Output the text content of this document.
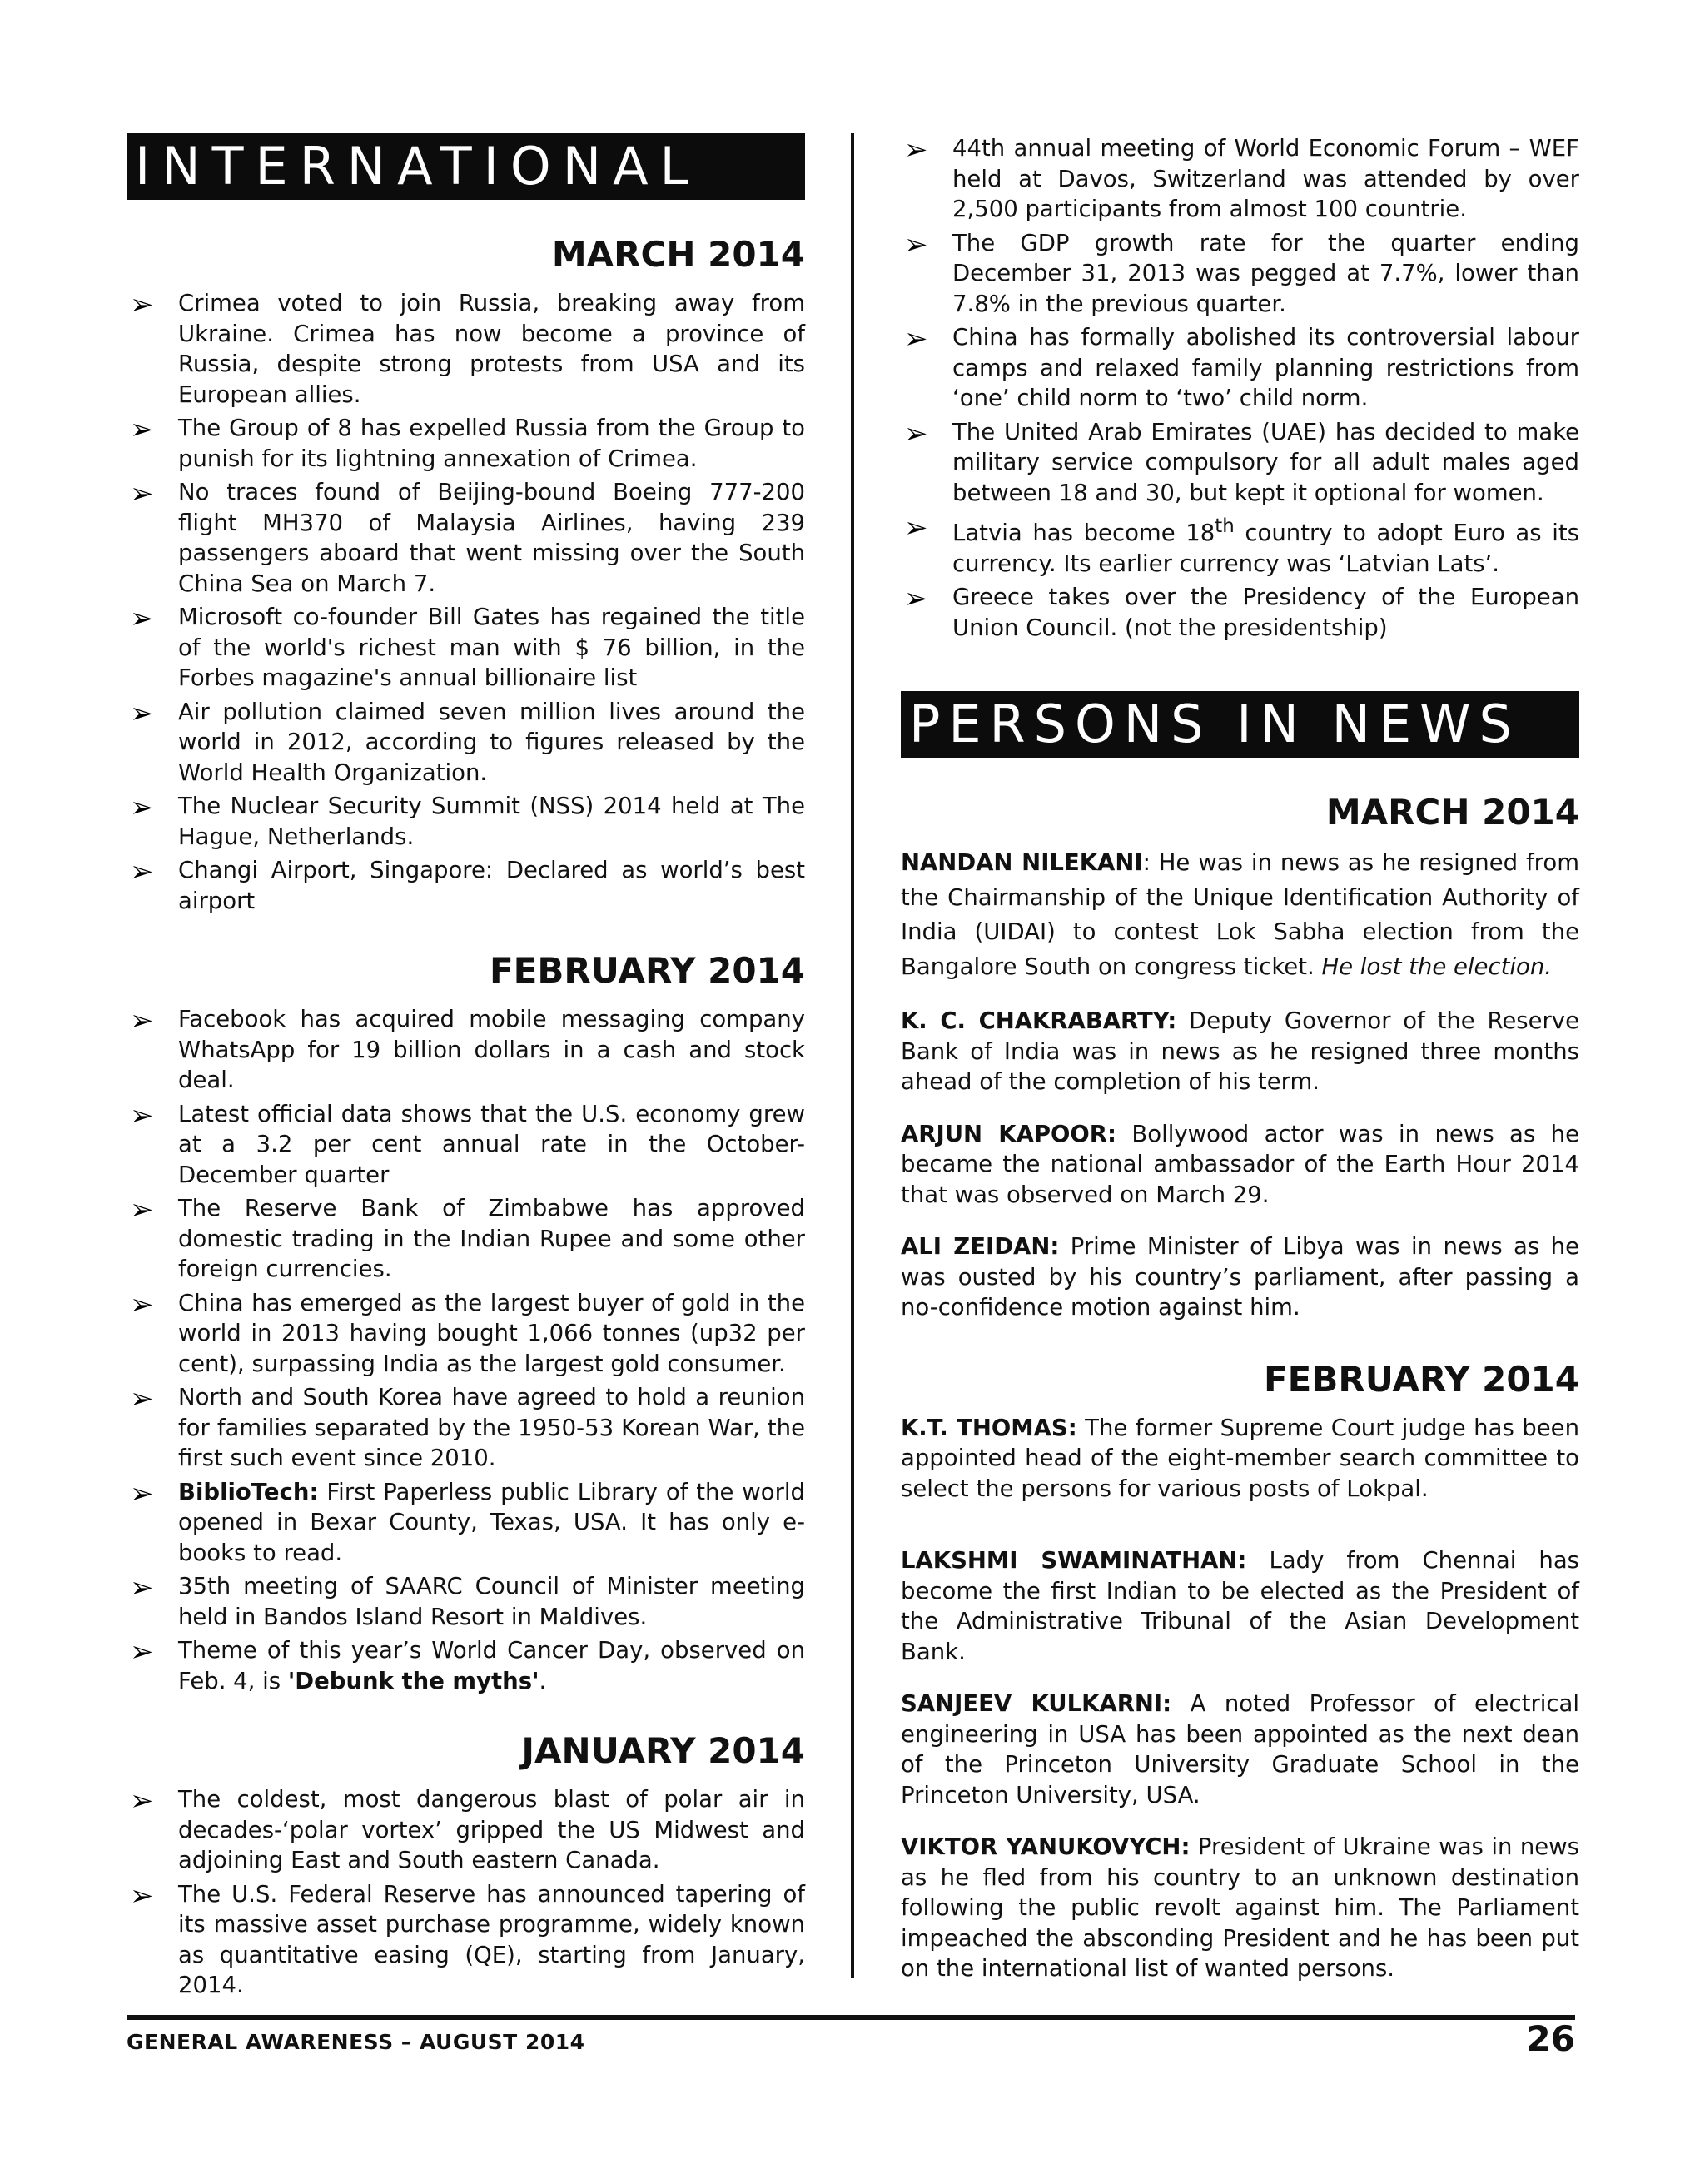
INTERNATIONAL
MARCH 2014
➢ Crimea voted to join Russia, breaking away from Ukraine. Crimea has now become a province of Russia, despite strong protests from USA and its European allies.
➢ The Group of 8 has expelled Russia from the Group to punish for its lightning annexation of Crimea.
➢ No traces found of Beijing-bound Boeing 777-200 flight MH370 of Malaysia Airlines, having 239 passengers aboard that went missing over the South China Sea on March 7.
➢ Microsoft co-founder Bill Gates has regained the title of the world's richest man with $ 76 billion, in the Forbes magazine's annual billionaire list
➢ Air pollution claimed seven million lives around the world in 2012, according to figures released by the World Health Organization.
➢ The Nuclear Security Summit (NSS) 2014 held at The Hague, Netherlands.
➢ Changi Airport, Singapore: Declared as world’s best airport
FEBRUARY 2014
➢ Facebook has acquired mobile messaging company WhatsApp for 19 billion dollars in a cash and stock deal.
➢ Latest official data shows that the U.S. economy grew at a 3.2 per cent annual rate in the October-December quarter
➢ The Reserve Bank of Zimbabwe has approved domestic trading in the Indian Rupee and some other foreign currencies.
➢ China has emerged as the largest buyer of gold in the world in 2013 having bought 1,066 tonnes (up32 per cent), surpassing India as the largest gold consumer.
➢ North and South Korea have agreed to hold a reunion for families separated by the 1950-53 Korean War, the first such event since 2010.
➢ BiblioTech: First Paperless public Library of the world opened in Bexar County, Texas, USA. It has only e-books to read.
➢ 35th meeting of SAARC Council of Minister meeting held in Bandos Island Resort in Maldives.
➢ Theme of this year’s World Cancer Day, observed on Feb. 4, is 'Debunk the myths'.
JANUARY 2014
➢ The coldest, most dangerous blast of polar air in decades-‘polar vortex’ gripped the US Midwest and adjoining East and South eastern Canada.
➢ The U.S. Federal Reserve has announced tapering of its massive asset purchase programme, widely known as quantitative easing (QE), starting from January, 2014.
➢ 44th annual meeting of World Economic Forum – WEF held at Davos, Switzerland was attended by over 2,500 participants from almost 100 countrie.
➢ The GDP growth rate for the quarter ending December 31, 2013 was pegged at 7.7%, lower than 7.8% in the previous quarter.
➢ China has formally abolished its controversial labour camps and relaxed family planning restrictions from ‘one’ child norm to ‘two’ child norm.
➢ The United Arab Emirates (UAE) has decided to make military service compulsory for all adult males aged between 18 and 30, but kept it optional for women.
➢ Latvia has become 18th country to adopt Euro as its currency. Its earlier currency was ‘Latvian Lats’.
➢ Greece takes over the Presidency of the European Union Council. (not the presidentship)
PERSONS IN NEWS
MARCH 2014

NANDAN NILEKANI: He was in news as he resigned from the Chairmanship of the Unique Identification Authority of India (UIDAI) to contest Lok Sabha election from the Bangalore South on congress ticket. He lost the election.

K. C. CHAKRABARTY: Deputy Governor of the Reserve Bank of India was in news as he resigned three months ahead of the completion of his term.

ARJUN KAPOOR: Bollywood actor was in news as he became the national ambassador of the Earth Hour 2014 that was observed on March 29.

ALI ZEIDAN: Prime Minister of Libya was in news as he was ousted by his country’s parliament, after passing a no-confidence motion against him.

FEBRUARY 2014

K.T. THOMAS: The former Supreme Court judge has been appointed head of the eight-member search committee to select the persons for various posts of Lokpal.

LAKSHMI SWAMINATHAN: Lady from Chennai has become the first Indian to be elected as the President of the Administrative Tribunal of the Asian Development Bank.

SANJEEV KULKARNI: A noted Professor of electrical engineering in USA has been appointed as the next dean of the Princeton University Graduate School in the Princeton University, USA.

VIKTOR YANUKOVYCH: President of Ukraine was in news as he fled from his country to an unknown destination following the public revolt against him. The Parliament impeached the absconding President and he has been put on the international list of wanted persons.

GENERAL AWARENESS – AUGUST 2014	26
